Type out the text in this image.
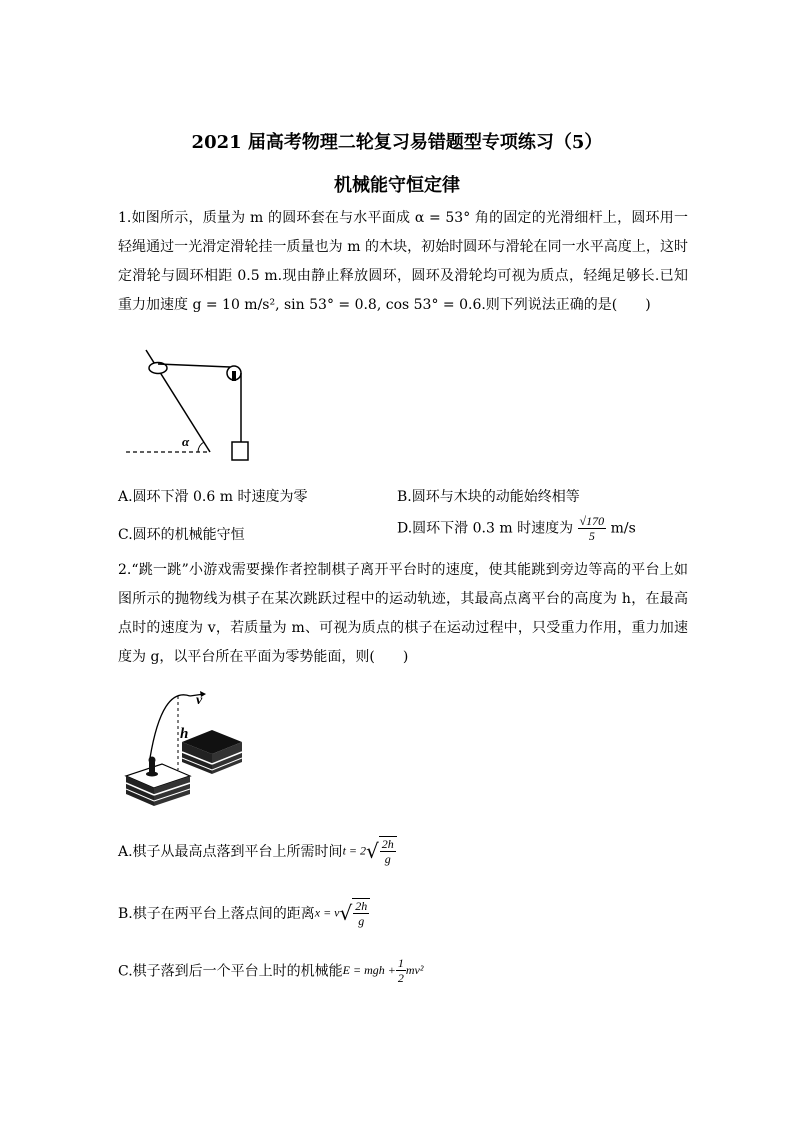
2021 届高考物理二轮复习易错题型专项练习（5）
机械能守恒定律
1.如图所示，质量为 m 的圆环套在与水平面成 α = 53° 角的固定的光滑细杆上，圆环用一轻绳通过一光滑定滑轮挂一质量也为 m 的木块，初始时圆环与滑轮在同一水平高度上，这时定滑轮与圆环相距 0.5 m.现由静止释放圆环，圆环及滑轮均可视为质点，轻绳足够长.已知重力加速度 g = 10 m/s², sin 53° = 0.8, cos 53° = 0.6.则下列说法正确的是(　　)
α
A.圆环下滑 0.6 m 时速度为零	B.圆环与木块的动能始终相等
C.圆环的机械能守恒	D.圆环下滑 0.3 m 时速度为 $\frac{√170}{5} m/s$
2.“跳一跳”小游戏需要操作者控制棋子离开平台时的速度，使其能跳到旁边等高的平台上如图所示的抛物线为棋子在某次跳跃过程中的运动轨迹，其最高点离平台的高度为 h，在最高点时的速度为 v，若质量为 m、可视为质点的棋子在运动过程中，只受重力作用，重力加速度为 g，以平台所在平面为零势能面，则(　　)
v
h
A.棋子从最高点落到平台上所需时间$t = 2√ \frac{2h}{g}$
B.棋子在两平台上落点间的距离$x = v√ \frac{2h}{g}$
C.棋子落到后一个平台上时的机械能E = mgh + $\frac{1}{2} mv^2$
